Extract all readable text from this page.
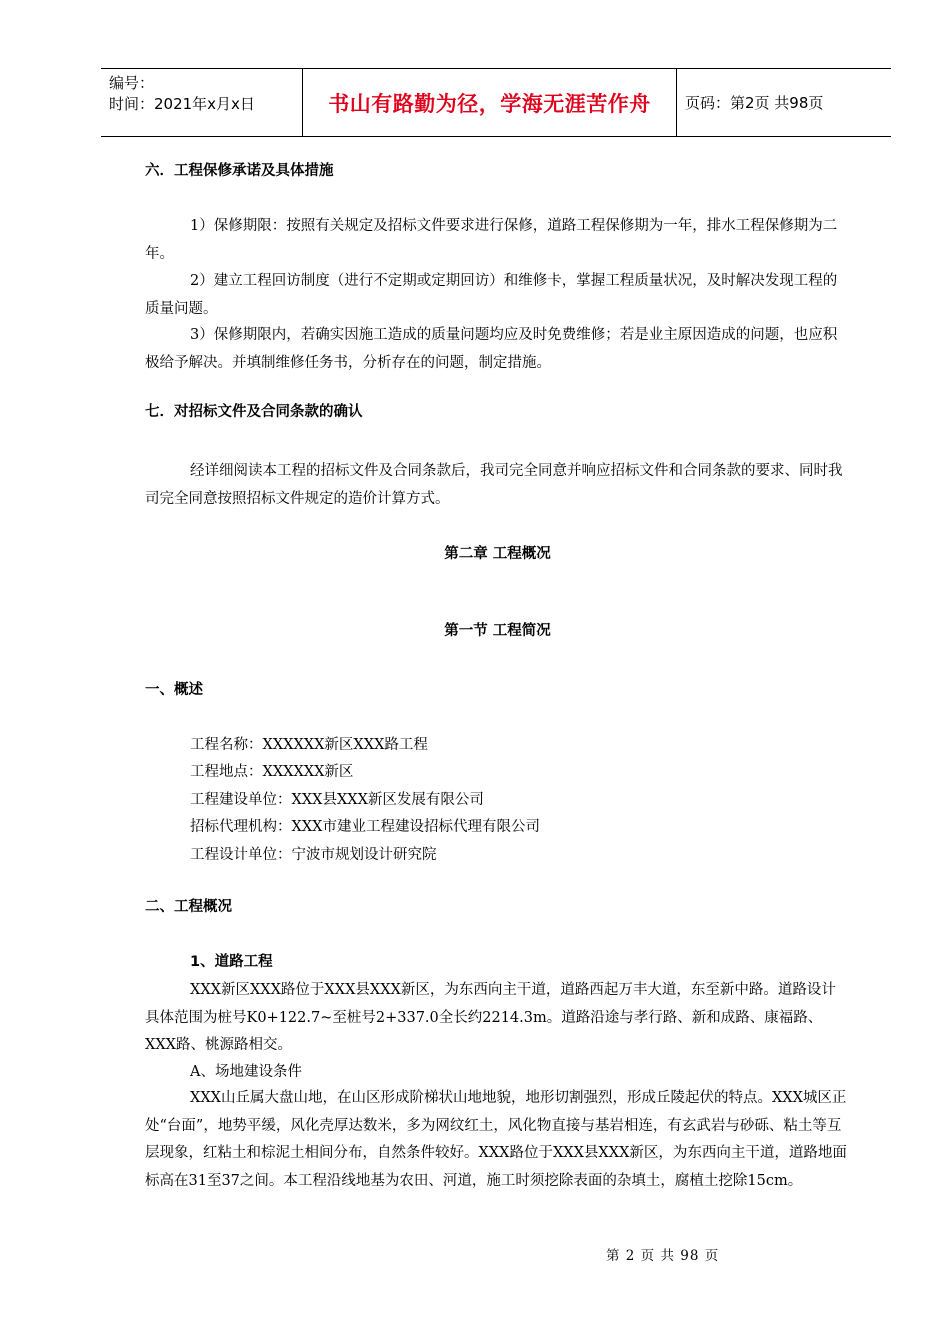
编号：
时间：2021年x月x日	书山有路勤为径，学海无涯苦作舟	页码：第2页 共98页
六．工程保修承诺及具体措施
1）保修期限：按照有关规定及招标文件要求进行保修，道路工程保修期为一年，排水工程保修期为二年。
2）建立工程回访制度（进行不定期或定期回访）和维修卡，掌握工程质量状况，及时解决发现工程的质量问题。
3）保修期限内，若确实因施工造成的质量问题均应及时免费维修；若是业主原因造成的问题，也应积极给予解决。并填制维修任务书，分析存在的问题，制定措施。
七．对招标文件及合同条款的确认
经详细阅读本工程的招标文件及合同条款后，我司完全同意并响应招标文件和合同条款的要求、同时我司完全同意按照招标文件规定的造价计算方式。
第二章 工程概况
第一节 工程简况
一、概述
工程名称：XXXXXX新区XXX路工程
工程地点：XXXXXX新区
工程建设单位：XXX县XXX新区发展有限公司
招标代理机构：XXX市建业工程建设招标代理有限公司
工程设计单位：宁波市规划设计研究院
二、工程概况
1、道路工程
XXX新区XXX路位于XXX县XXX新区，为东西向主干道，道路西起万丰大道，东至新中路。道路设计具体范围为桩号K0+122.7~至桩号2+337.0全长约2214.3m。道路沿途与孝行路、新和成路、康福路、XXX路、桃源路相交。
A、场地建设条件
XXX山丘属大盘山地，在山区形成阶梯状山地地貌，地形切割强烈，形成丘陵起伏的特点。XXX城区正处“台面”，地势平缓，风化壳厚达数米，多为网纹红土，风化物直接与基岩相连，有玄武岩与砂砾、粘土等互层现象，红粘土和棕泥土相间分布，自然条件较好。XXX路位于XXX县XXX新区，为东西向主干道，道路地面标高在31至37之间。本工程沿线地基为农田、河道，施工时须挖除表面的杂填土，腐植土挖除15cm。
第 2 页 共 98 页
